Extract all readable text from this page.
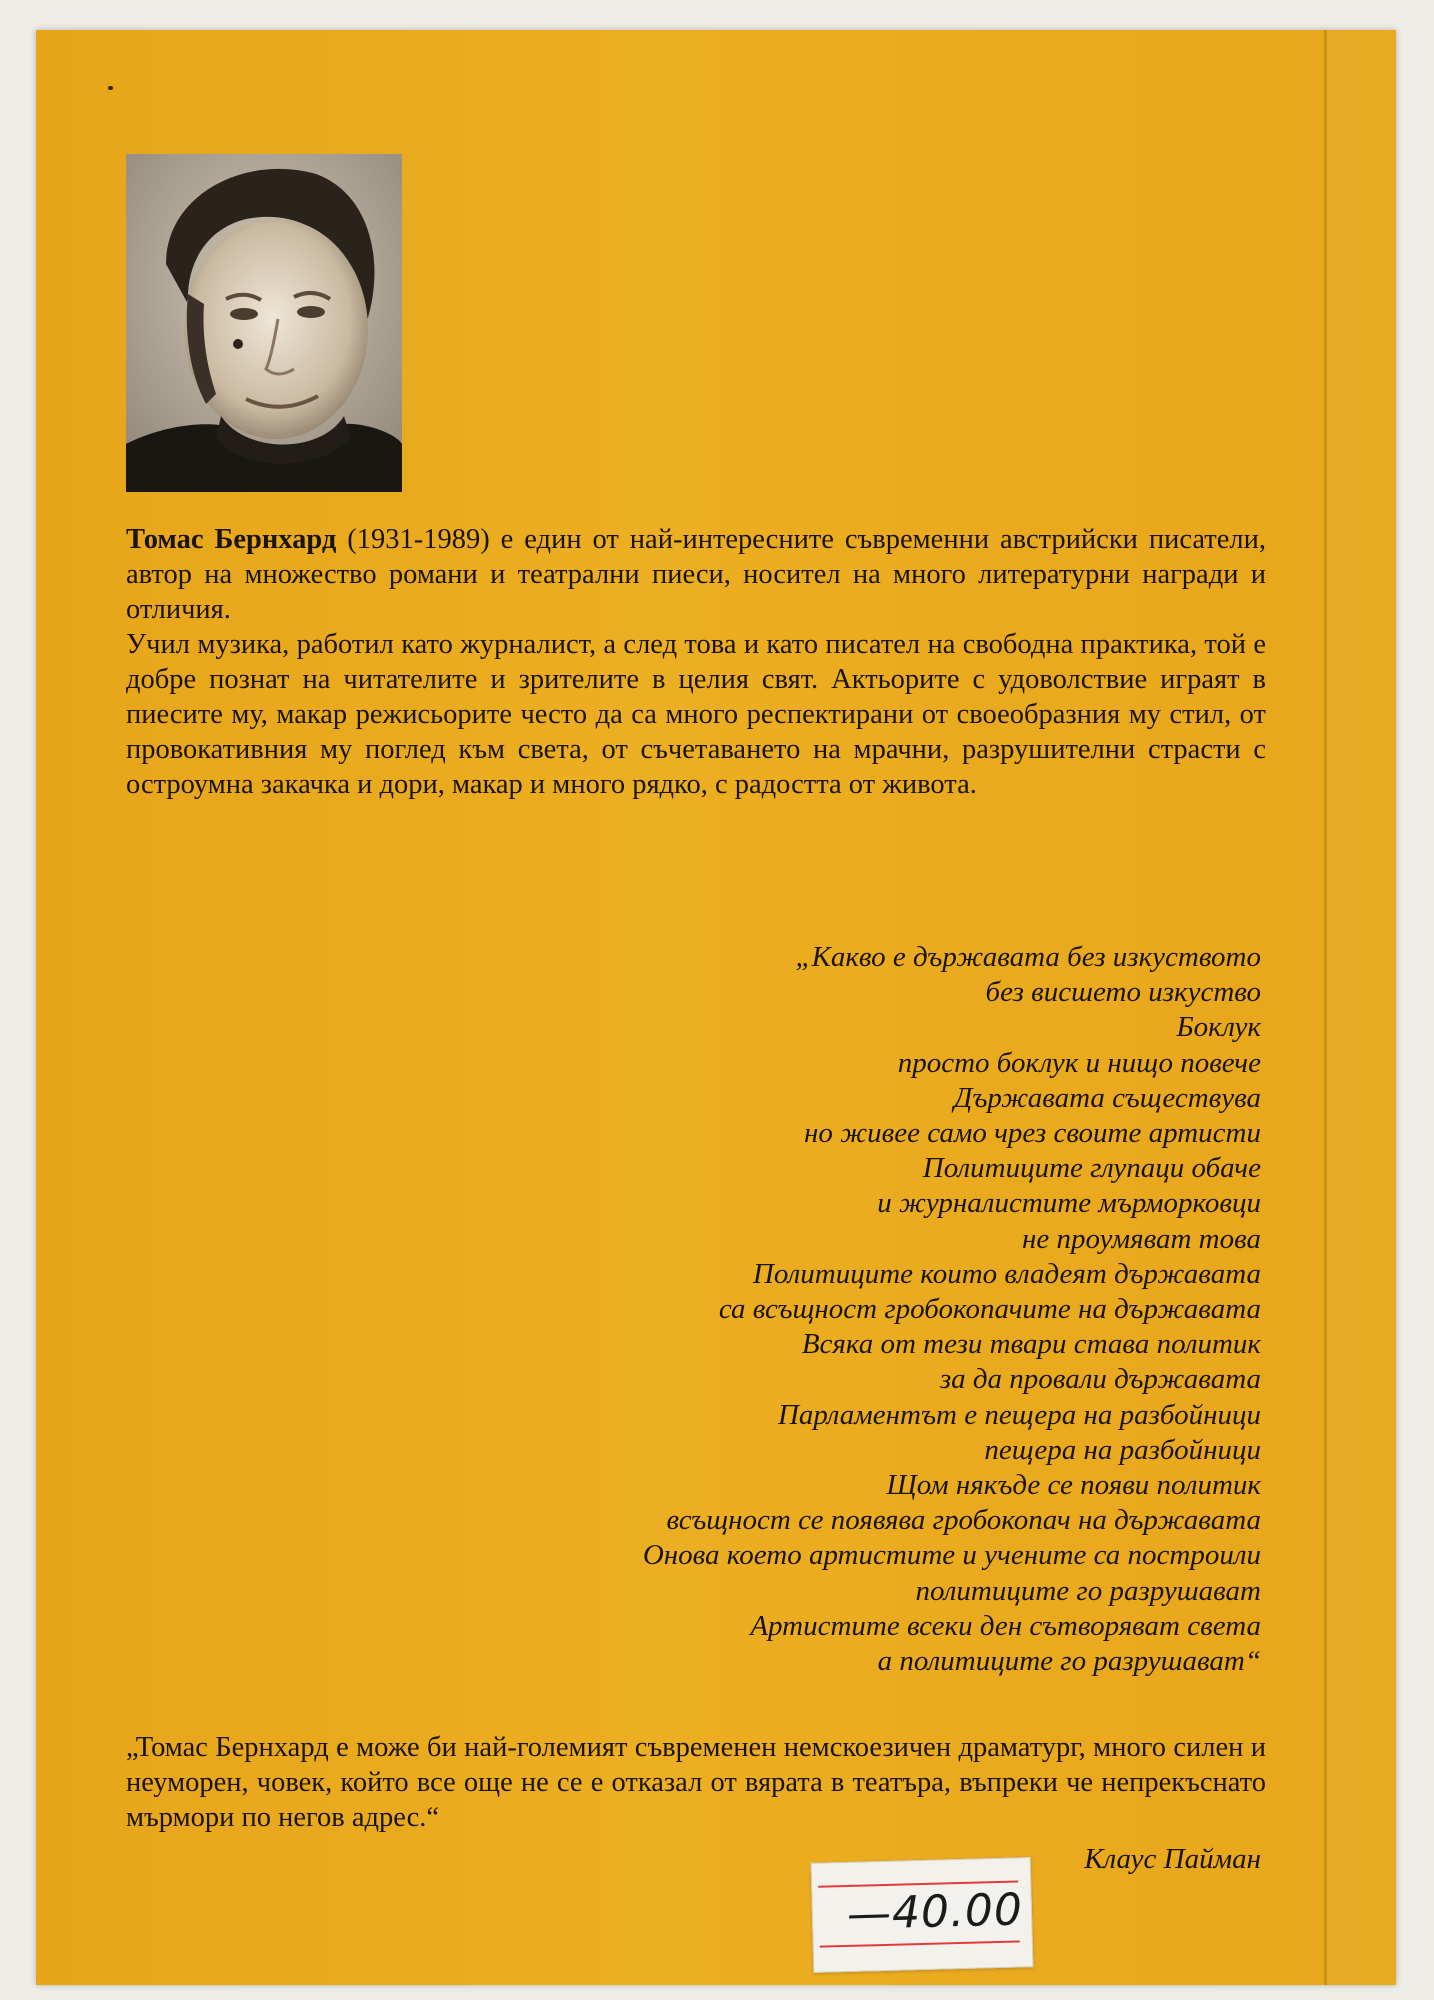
Томас Бернхард (1931-1989) е един от най-интересните съвременни австрийски писатели, автор на множество романи и театрални пиеси, носител на много литературни награди и отличия.

Учил музика, работил като журналист, а след това и като писател на свободна практика, той е добре познат на читателите и зрителите в целия свят. Актьорите с удоволствие играят в пиесите му, макар режисьорите често да са много респектирани от своеобразния му стил, от провокативния му поглед към света, от съчетаването на мрачни, разрушителни страсти с остроумна закачка и дори, макар и много рядко, с радостта от живота.

„Какво е държавата без изкуството
без висшето изкуство
Боклук
просто боклук и нищо повече
Държавата съществува
но живее само чрез своите артисти
Политиците глупаци обаче
и журналистите мърморковци
не проумяват това
Политиците които владеят държавата
са всъщност гробокопачите на държавата
Всяка от тези твари става политик
за да провали държавата
Парламентът е пещера на разбойници
пещера на разбойници
Щом някъде се появи политик
всъщност се появява гробокопач на държавата
Онова което артистите и учените са построили
политиците го разрушават
Артистите всеки ден сътворяват света
а политиците го разрушават“

„Томас Бернхард е може би най-големият съвременен немскоезичен драматург, много силен и неуморен, човек, който все още не се е отказал от вярата в театъра, въпреки че непрекъснато мърмори по негов адрес.“

Клаус Пайман
—40.00
